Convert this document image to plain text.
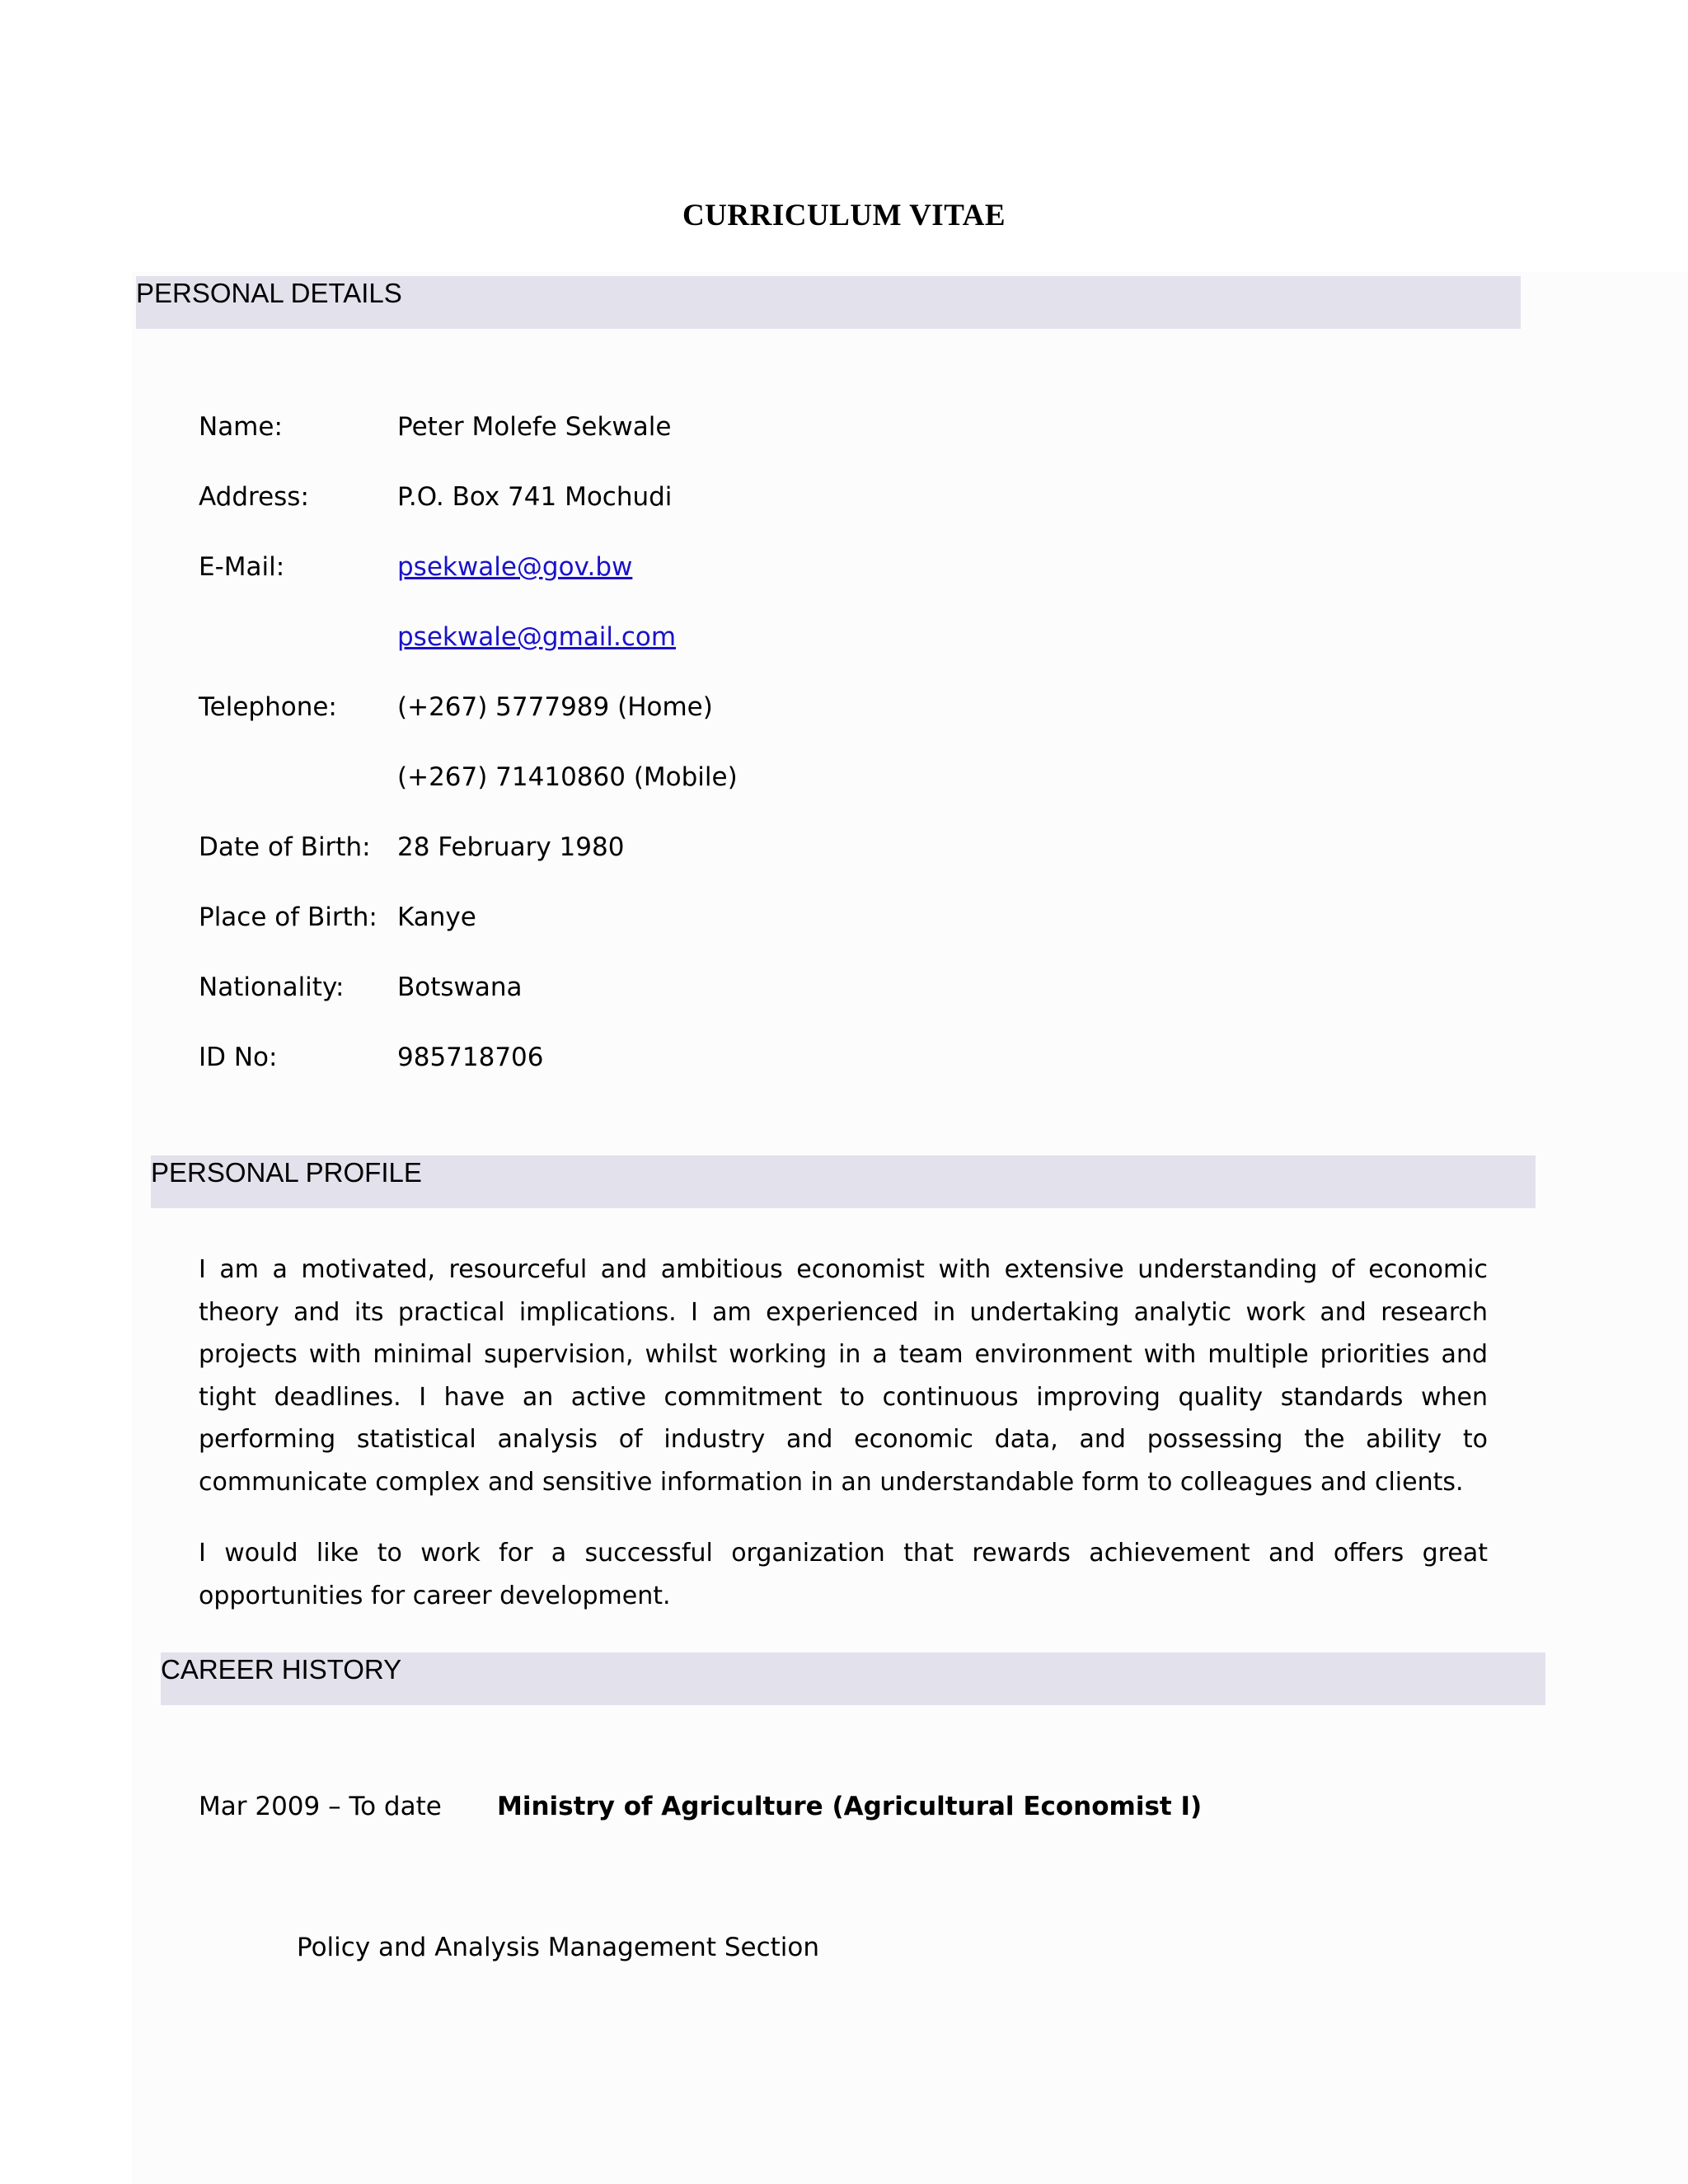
CURRICULUM VITAE
PERSONAL DETAILS
Name:	Peter Molefe Sekwale
Address:	P.O. Box 741 Mochudi
E-Mail:	psekwale@gov.bw
psekwale@gmail.com
Telephone: (+267) 5777989 (Home)
(+267) 71410860 (Mobile)
Date of Birth: 28 February 1980
Place of Birth: Kanye
Nationality: Botswana
ID No:	985718706
PERSONAL PROFILE

I am a motivated, resourceful and ambitious economist with extensive understanding of economic theory and its practical implications. I am experienced in undertaking analytic work and research projects with minimal supervision, whilst working in a team environment with multiple priorities and tight deadlines. I have an active commitment to continuous improving quality standards when performing statistical analysis of industry and economic data, and possessing the ability to communicate complex and sensitive information in an understandable form to colleagues and clients.

I would like to work for a successful organization that rewards achievement and offers great opportunities for career development.

CAREER HISTORY
Mar 2009 – To date Ministry of Agriculture (Agricultural Economist I)
Policy and Analysis Management Section
